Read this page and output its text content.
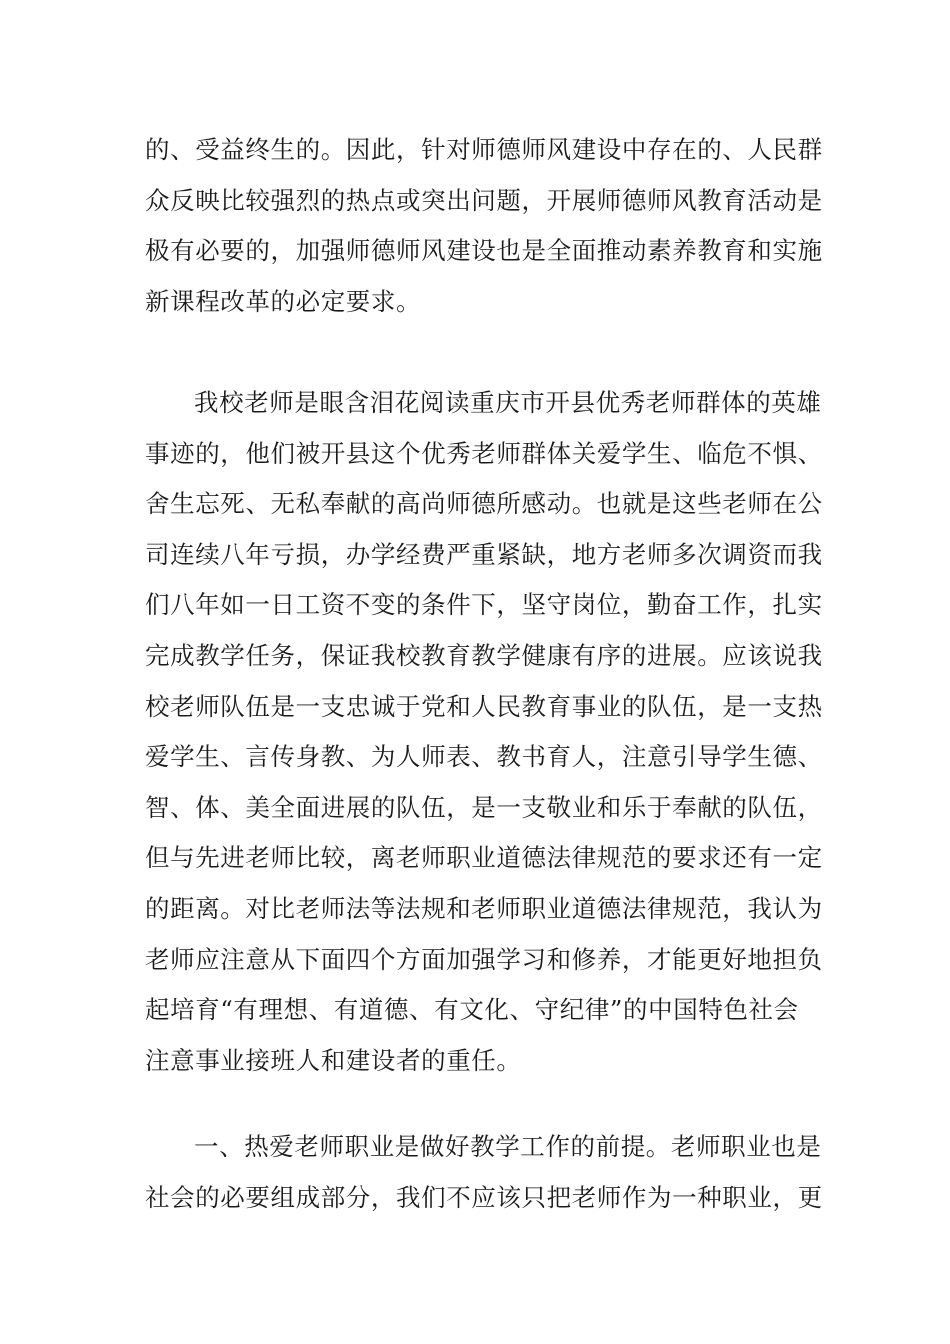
的、受益终生的。因此，针对师德师风建设中存在的、人民群
众反映比较强烈的热点或突出问题，开展师德师风教育活动是
极有必要的，加强师德师风建设也是全面推动素养教育和实施
新课程改革的必定要求。
我校老师是眼含泪花阅读重庆市开县优秀老师群体的英雄
事迹的，他们被开县这个优秀老师群体关爱学生、临危不惧、
舍生忘死、无私奉献的高尚师德所感动。也就是这些老师在公
司连续八年亏损，办学经费严重紧缺，地方老师多次调资而我
们八年如一日工资不变的条件下，坚守岗位，勤奋工作，扎实
完成教学任务，保证我校教育教学健康有序的进展。应该说我
校老师队伍是一支忠诚于党和人民教育事业的队伍，是一支热
爱学生、言传身教、为人师表、教书育人，注意引导学生德、
智、体、美全面进展的队伍，是一支敬业和乐于奉献的队伍，
但与先进老师比较，离老师职业道德法律规范的要求还有一定
的距离。对比老师法等法规和老师职业道德法律规范，我认为
老师应注意从下面四个方面加强学习和修养，才能更好地担负
起培育“有理想、有道德、有文化、守纪律”的中国特色社会
注意事业接班人和建设者的重任。
一、热爱老师职业是做好教学工作的前提。老师职业也是
社会的必要组成部分，我们不应该只把老师作为一种职业，更
